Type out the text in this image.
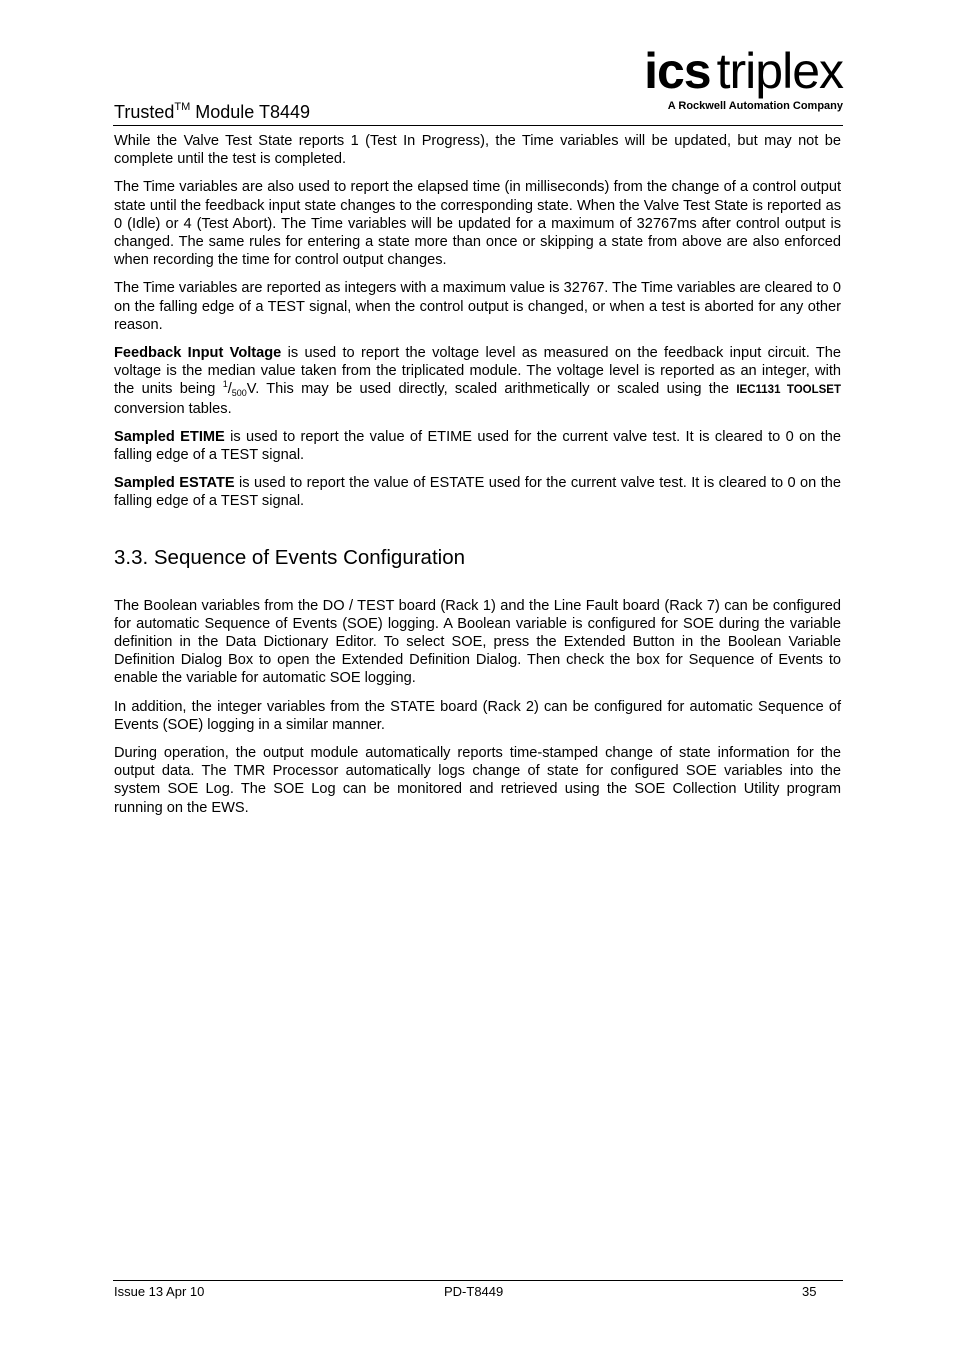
Trusted™ Module T8449
ics triplex
A Rockwell Automation Company

While the Valve Test State reports 1 (Test In Progress), the Time variables will be updated, but may not be complete until the test is completed.

The Time variables are also used to report the elapsed time (in milliseconds) from the change of a control output state until the feedback input state changes to the corresponding state. When the Valve Test State is reported as 0 (Idle) or 4 (Test Abort). The Time variables will be updated for a maximum of 32767ms after control output is changed. The same rules for entering a state more than once or skipping a state from above are also enforced when recording the time for control output changes.

The Time variables are reported as integers with a maximum value is 32767. The Time variables are cleared to 0 on the falling edge of a TEST signal, when the control output is changed, or when a test is aborted for any other reason.

Feedback Input Voltage is used to report the voltage level as measured on the feedback input circuit. The voltage is the median value taken from the triplicated module. The voltage level is reported as an integer, with the units being $^1/_{500}V$. This may be used directly, scaled arithmetically or scaled using the IEC1131 TOOLSET conversion tables.

Sampled ETIME is used to report the value of ETIME used for the current valve test. It is cleared to 0 on the falling edge of a TEST signal.

Sampled ESTATE is used to report the value of ESTATE used for the current valve test. It is cleared to 0 on the falling edge of a TEST signal.

3.3. Sequence of Events Configuration

The Boolean variables from the DO / TEST board (Rack 1) and the Line Fault board (Rack 7) can be configured for automatic Sequence of Events (SOE) logging. A Boolean variable is configured for SOE during the variable definition in the Data Dictionary Editor. To select SOE, press the Extended Button in the Boolean Variable Definition Dialog Box to open the Extended Definition Dialog. Then check the box for Sequence of Events to enable the variable for automatic SOE logging.

In addition, the integer variables from the STATE board (Rack 2) can be configured for automatic Sequence of Events (SOE) logging in a similar manner.

During operation, the output module automatically reports time-stamped change of state information for the output data. The TMR Processor automatically logs change of state for configured SOE variables into the system SOE Log. The SOE Log can be monitored and retrieved using the SOE Collection Utility program running on the EWS.

Issue 13 Apr 10	PD-T8449	35
